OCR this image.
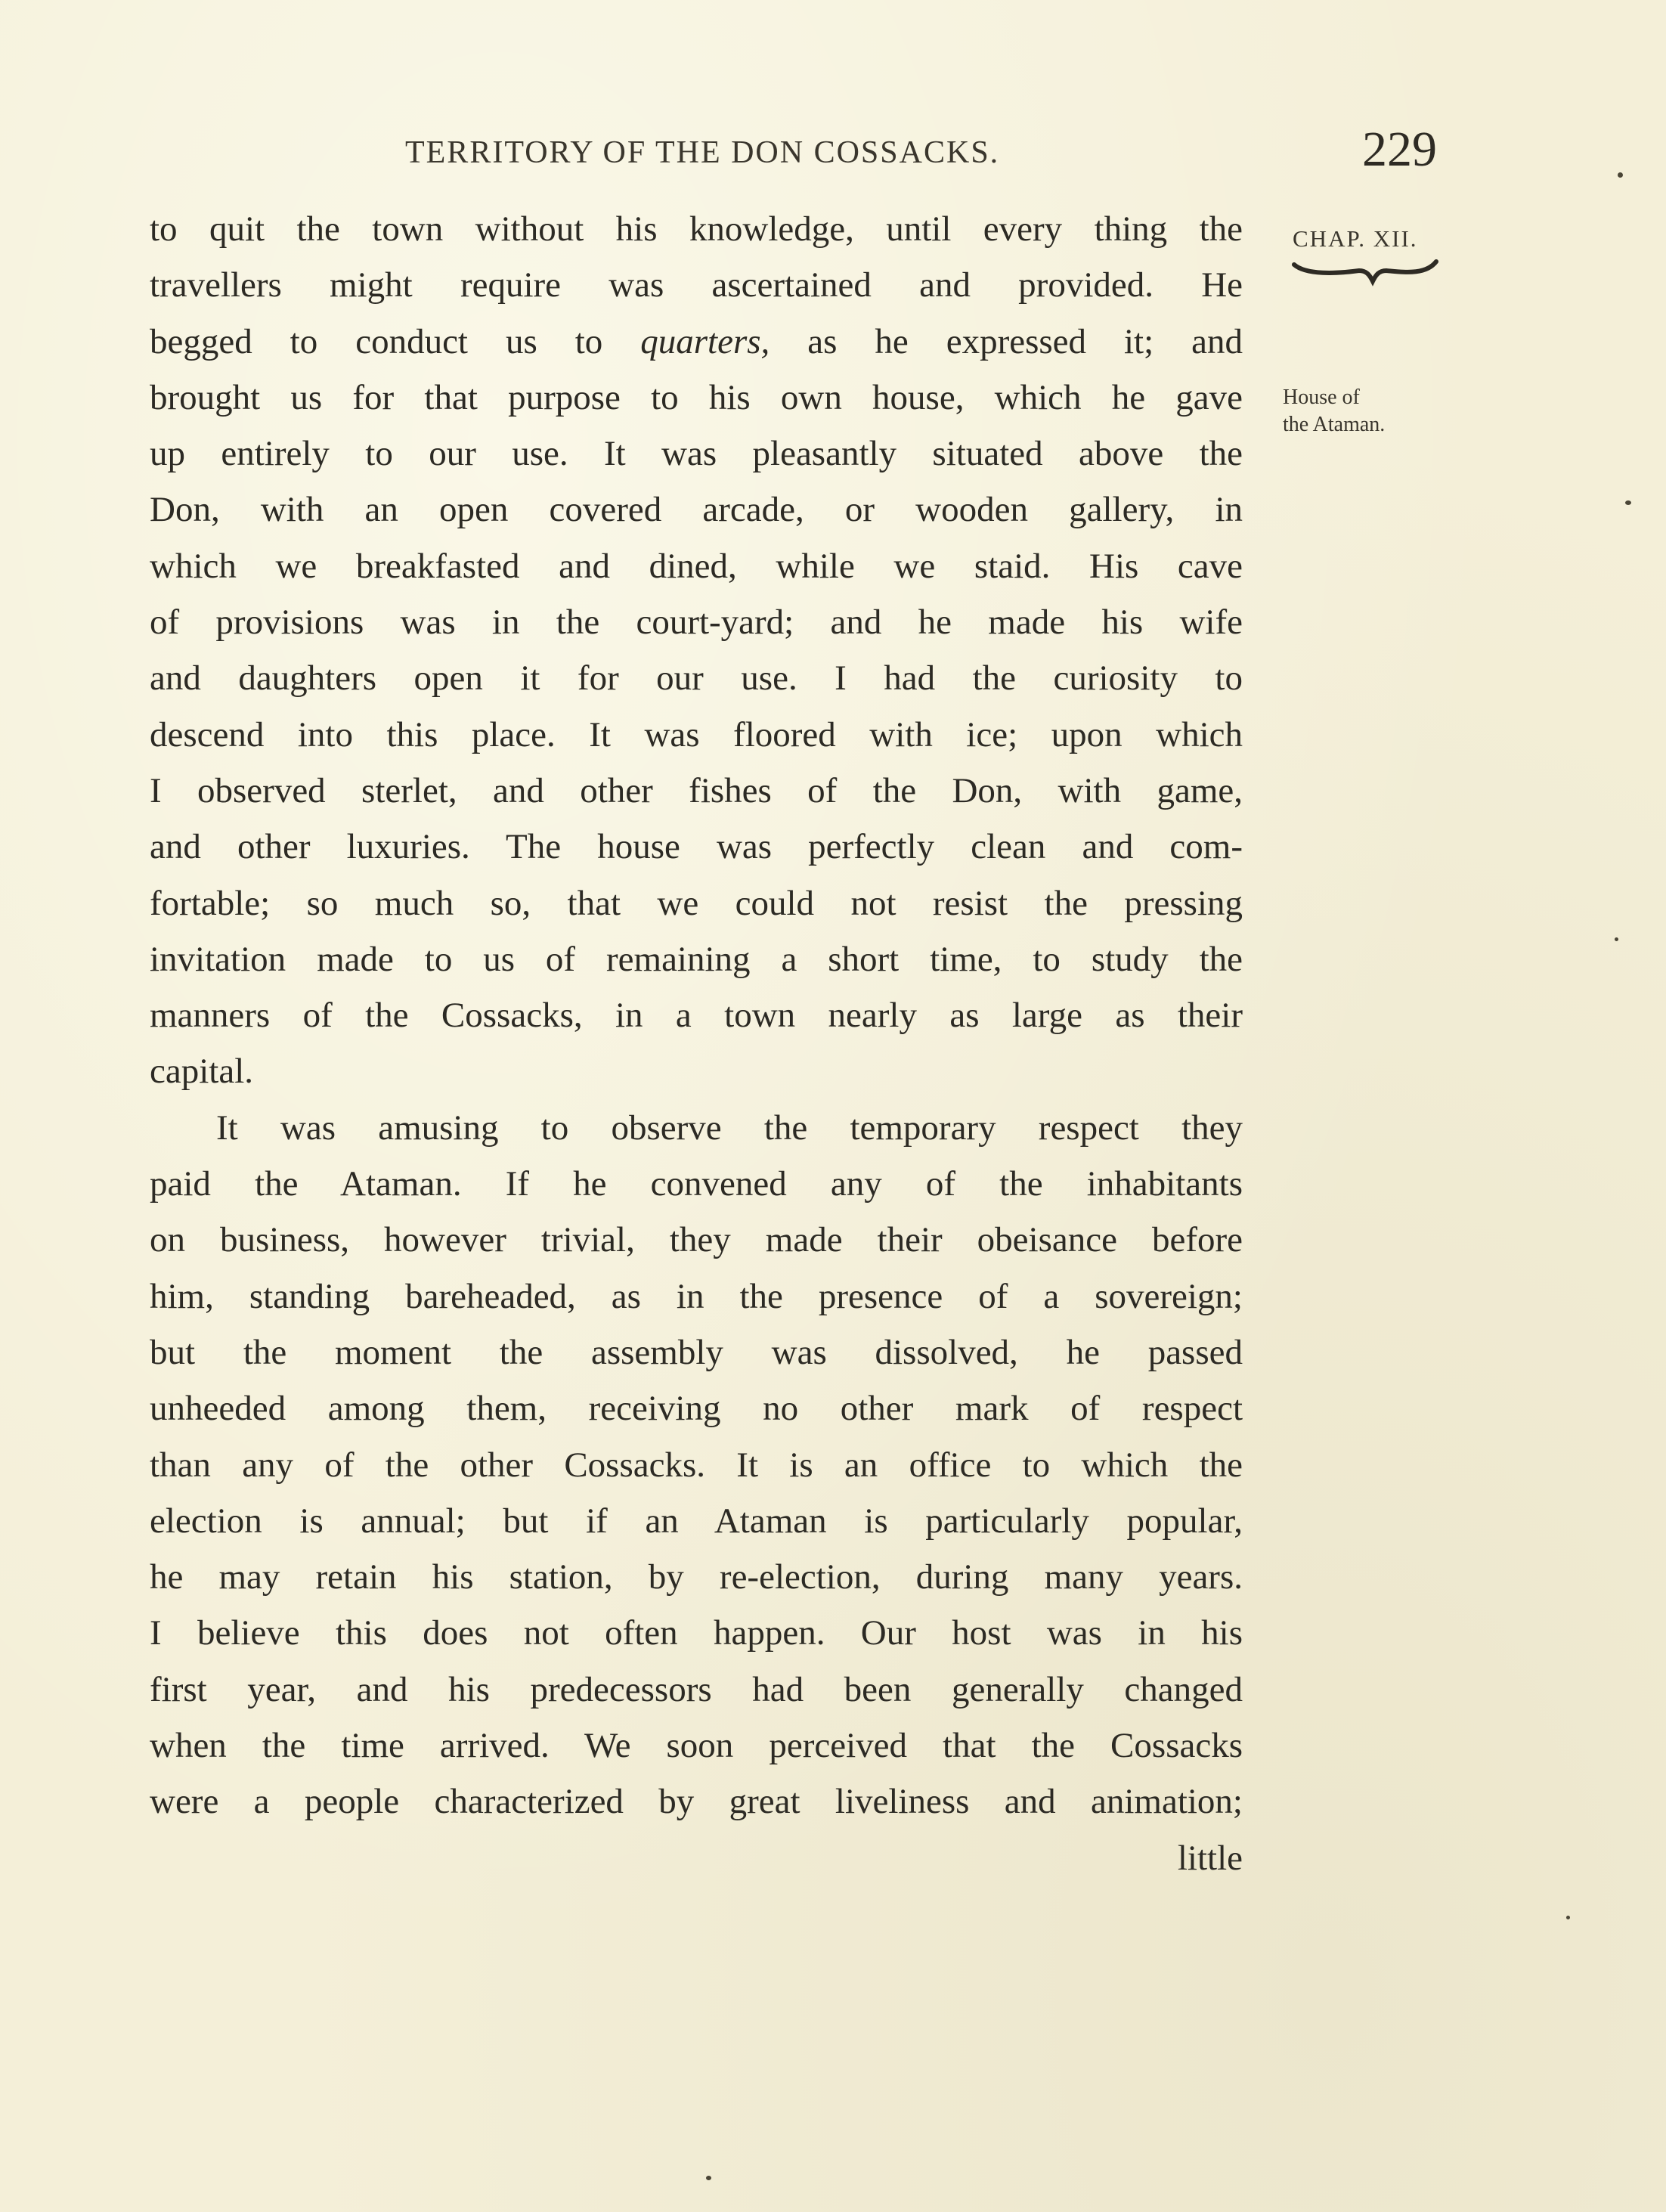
TERRITORY OF THE DON COSSACKS.	229
CHAP. XII.
House of
the Ataman.
to quit the town without his knowledge, until every thing the
travellers might require was ascertained and provided. He
begged to conduct us to quarters, as he expressed it; and
brought us for that purpose to his own house, which he gave
up entirely to our use. It was pleasantly situated above the
Don, with an open covered arcade, or wooden gallery, in
which we breakfasted and dined, while we staid. His cave
of provisions was in the court-yard; and he made his wife
and daughters open it for our use. I had the curiosity to
descend into this place. It was floored with ice; upon which
I observed sterlet, and other fishes of the Don, with game,
and other luxuries. The house was perfectly clean and com-
fortable; so much so, that we could not resist the pressing
invitation made to us of remaining a short time, to study the
manners of the Cossacks, in a town nearly as large as their
capital.
It was amusing to observe the temporary respect they
paid the Ataman. If he convened any of the inhabitants
on business, however trivial, they made their obeisance before
him, standing bareheaded, as in the presence of a sovereign;
but the moment the assembly was dissolved, he passed
unheeded among them, receiving no other mark of respect
than any of the other Cossacks. It is an office to which the
election is annual; but if an Ataman is particularly popular,
he may retain his station, by re-election, during many years.
I believe this does not often happen. Our host was in his
first year, and his predecessors had been generally changed
when the time arrived. We soon perceived that the Cossacks
were a people characterized by great liveliness and animation;
little
